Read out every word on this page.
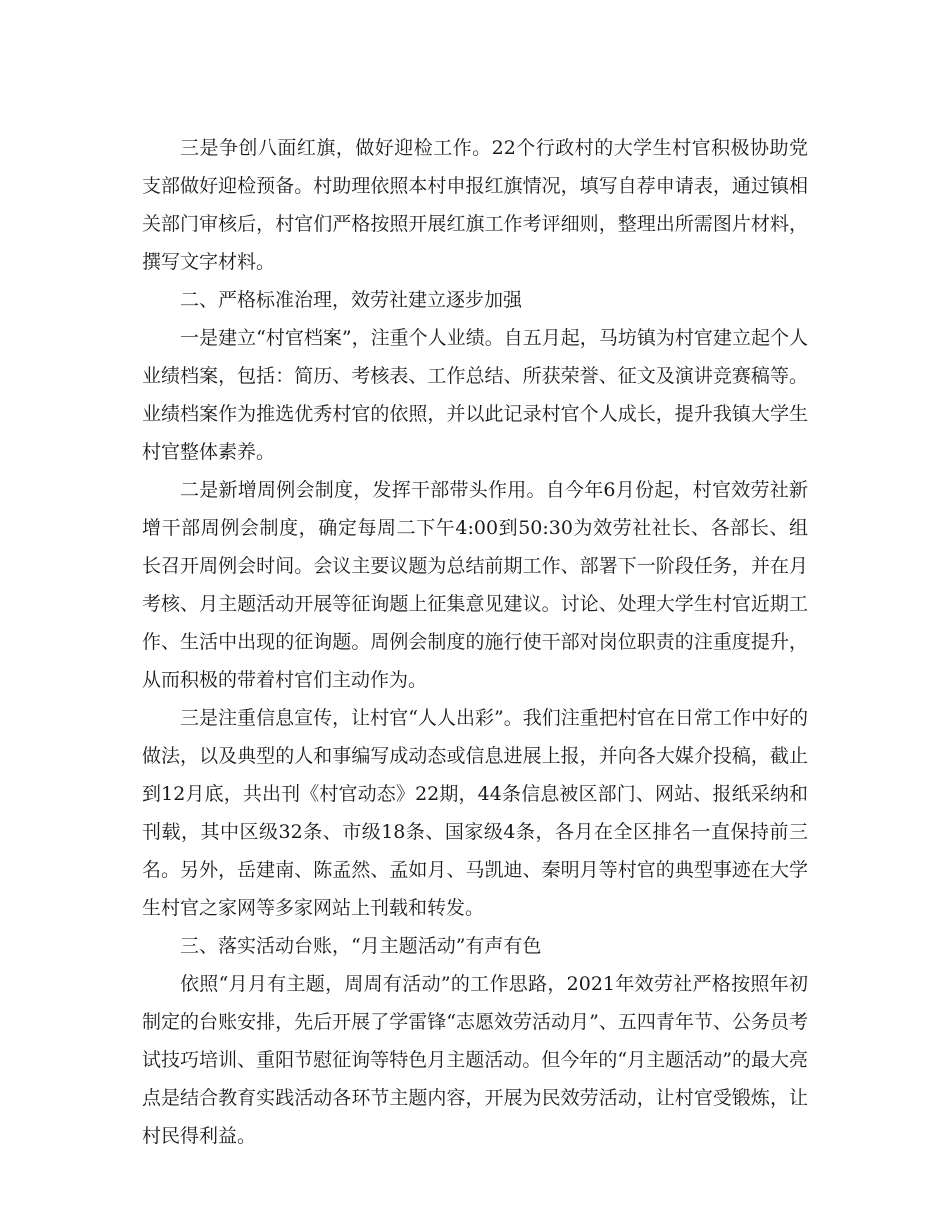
三是争创八面红旗，做好迎检工作。22个行政村的大学生村官积极协助党支部做好迎检预备。村助理依照本村申报红旗情况，填写自荐申请表，通过镇相关部门审核后，村官们严格按照开展红旗工作考评细则，整理出所需图片材料，撰写文字材料。

二、严格标准治理，效劳社建立逐步加强

一是建立“村官档案”，注重个人业绩。自五月起，马坊镇为村官建立起个人业绩档案，包括：简历、考核表、工作总结、所获荣誉、征文及演讲竞赛稿等。业绩档案作为推选优秀村官的依照，并以此记录村官个人成长，提升我镇大学生村官整体素养。

二是新增周例会制度，发挥干部带头作用。自今年6月份起，村官效劳社新增干部周例会制度，确定每周二下午4:00到50:30为效劳社社长、各部长、组长召开周例会时间。会议主要议题为总结前期工作、部署下一阶段任务，并在月考核、月主题活动开展等征询题上征集意见建议。讨论、处理大学生村官近期工作、生活中出现的征询题。周例会制度的施行使干部对岗位职责的注重度提升，从而积极的带着村官们主动作为。

三是注重信息宣传，让村官“人人出彩”。我们注重把村官在日常工作中好的做法，以及典型的人和事编写成动态或信息进展上报，并向各大媒介投稿，截止到12月底，共出刊《村官动态》22期，44条信息被区部门、网站、报纸采纳和刊载，其中区级32条、市级18条、国家级4条，各月在全区排名一直保持前三名。另外，岳建南、陈孟然、孟如月、马凯迪、秦明月等村官的典型事迹在大学生村官之家网等多家网站上刊载和转发。

三、落实活动台账，“月主题活动”有声有色

依照“月月有主题，周周有活动”的工作思路，2021年效劳社严格按照年初制定的台账安排，先后开展了学雷锋“志愿效劳活动月”、五四青年节、公务员考试技巧培训、重阳节慰征询等特色月主题活动。但今年的“月主题活动”的最大亮点是结合教育实践活动各环节主题内容，开展为民效劳活动，让村官受锻炼，让村民得利益。
